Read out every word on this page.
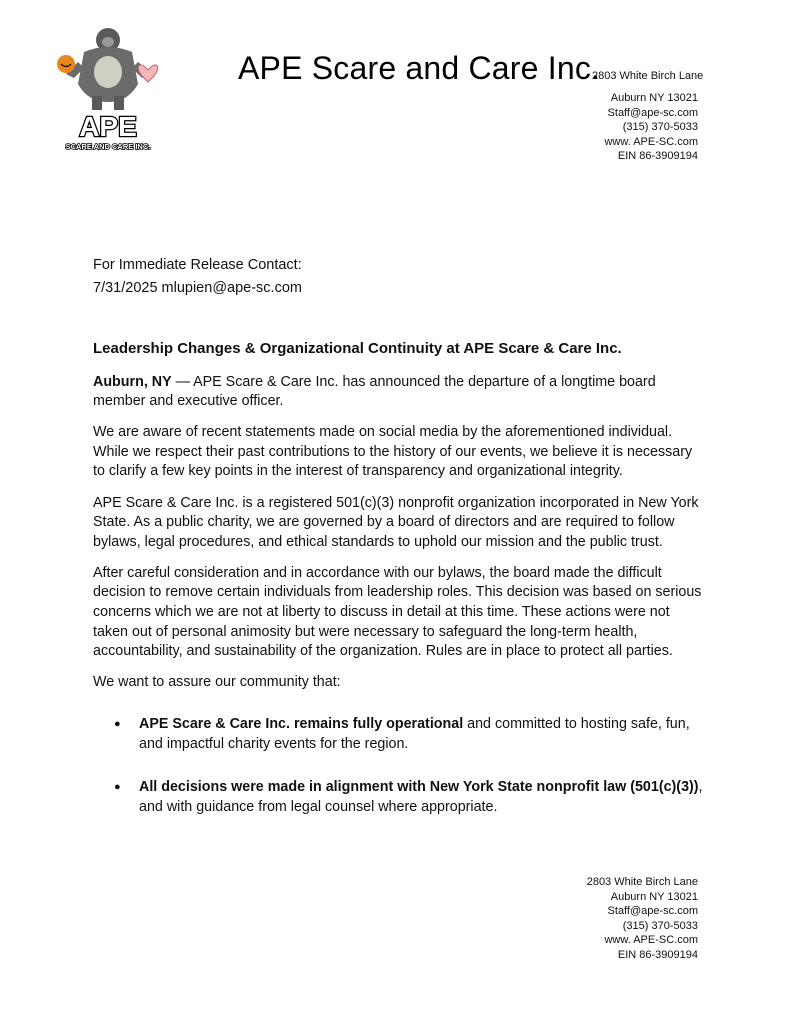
APE
SCARE AND CARE INC.
APE Scare and Care Inc.
2803 White Birch Lane
Auburn NY 13021
Staff@ape-sc.com
(315) 370-5033
www. APE-SC.com
EIN 86-3909194
For Immediate Release Contact:
7/31/2025 mlupien@ape-sc.com
Leadership Changes & Organizational Continuity at APE Scare & Care Inc.

Auburn, NY — APE Scare & Care Inc. has announced the departure of a longtime board member and executive officer.

We are aware of recent statements made on social media by the aforementioned individual. While we respect their past contributions to the history of our events, we believe it is necessary to clarify a few key points in the interest of transparency and organizational integrity.

APE Scare & Care Inc. is a registered 501(c)(3) nonprofit organization incorporated in New York State. As a public charity, we are governed by a board of directors and are required to follow bylaws, legal procedures, and ethical standards to uphold our mission and the public trust.

After careful consideration and in accordance with our bylaws, the board made the difficult decision to remove certain individuals from leadership roles. This decision was based on serious concerns which we are not at liberty to discuss in detail at this time. These actions were not taken out of personal animosity but were necessary to safeguard the long-term health, accountability, and sustainability of the organization. Rules are in place to protect all parties.

We want to assure our community that:

● APE Scare & Care Inc. remains fully operational and committed to hosting safe, fun, and impactful charity events for the region.
● All decisions were made in alignment with New York State nonprofit law (501(c)(3)), and with guidance from legal counsel where appropriate.
2803 White Birch Lane
Auburn NY 13021
Staff@ape-sc.com
(315) 370-5033
www. APE-SC.com
EIN 86-3909194
